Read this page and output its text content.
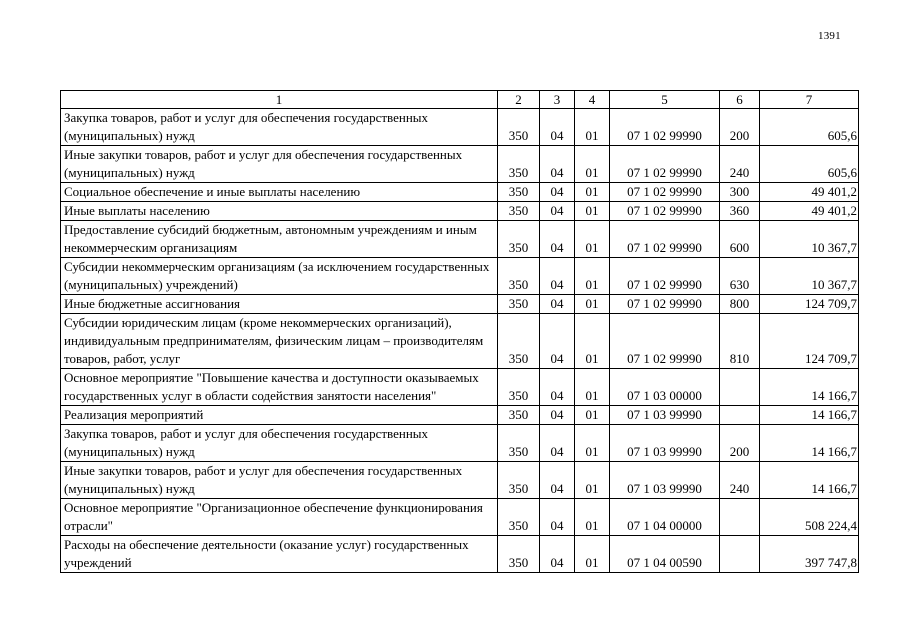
1391
1	2	3	4	5	6	7
Закупка товаров, работ и услуг для обеспечения государственных (муниципальных) нужд	350	04	01	07 1 02 99990	200	605,6
Иные закупки товаров, работ и услуг для обеспечения государственных (муниципальных) нужд	350	04	01	07 1 02 99990	240	605,6
Социальное обеспечение и иные выплаты населению	350	04	01	07 1 02 99990	300	49 401,2
Иные выплаты населению	350	04	01	07 1 02 99990	360	49 401,2
Предоставление субсидий бюджетным, автономным учреждениям и иным некоммерческим организациям	350	04	01	07 1 02 99990	600	10 367,7
Субсидии некоммерческим организациям (за исключением государственных (муниципальных) учреждений)	350	04	01	07 1 02 99990	630	10 367,7
Иные бюджетные ассигнования	350	04	01	07 1 02 99990	800	124 709,7
Субсидии юридическим лицам (кроме некоммерческих организаций), индивидуальным предпринимателям, физическим лицам – производителям товаров, работ, услуг	350	04	01	07 1 02 99990	810	124 709,7
Основное мероприятие "Повышение качества и доступности оказываемых государственных услуг в области содействия занятости населения"	350	04	01	07 1 03 00000		14 166,7
Реализация мероприятий	350	04	01	07 1 03 99990		14 166,7
Закупка товаров, работ и услуг для обеспечения государственных (муниципальных) нужд	350	04	01	07 1 03 99990	200	14 166,7
Иные закупки товаров, работ и услуг для обеспечения государственных (муниципальных) нужд	350	04	01	07 1 03 99990	240	14 166,7
Основное мероприятие "Организационное обеспечение функционирования отрасли"	350	04	01	07 1 04 00000		508 224,4
Расходы на обеспечение деятельности (оказание услуг) государственных учреждений	350	04	01	07 1 04 00590		397 747,8
